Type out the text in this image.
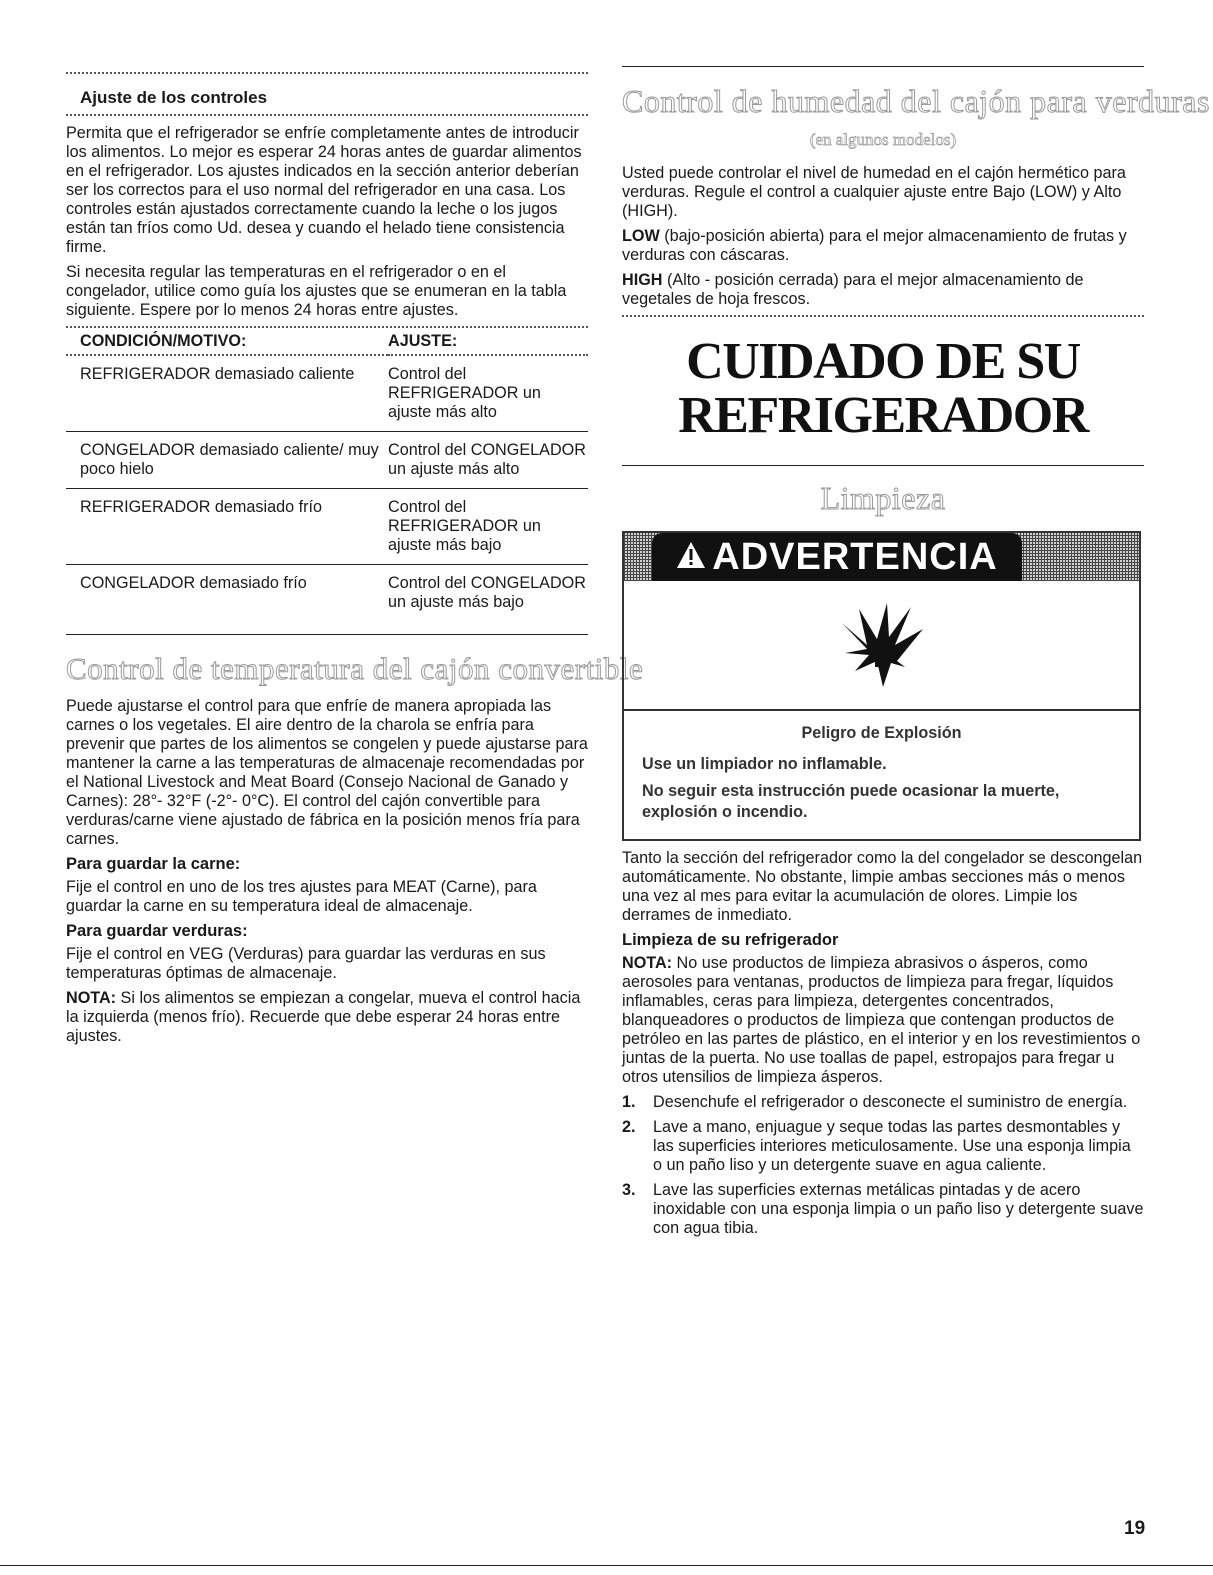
Ajuste de los controles

Permita que el refrigerador se enfríe completamente antes de introducir los alimentos. Lo mejor es esperar 24 horas antes de guardar alimentos en el refrigerador. Los ajustes indicados en la sección anterior deberían ser los correctos para el uso normal del refrigerador en una casa. Los controles están ajustados correctamente cuando la leche o los jugos están tan fríos como Ud. desea y cuando el helado tiene consistencia firme.

Si necesita regular las temperaturas en el refrigerador o en el congelador, utilice como guía los ajustes que se enumeran en la tabla siguiente. Espere por lo menos 24 horas entre ajustes.

CONDICIÓN/MOTIVO:	AJUSTE:

REFRIGERADOR demasiado caliente	Control del REFRIGERADOR un ajuste más alto
CONGELADOR demasiado caliente/ muy poco hielo	Control del CONGELADOR un ajuste más alto
REFRIGERADOR demasiado frío	Control del REFRIGERADOR un ajuste más bajo
CONGELADOR demasiado frío	Control del CONGELADOR un ajuste más bajo
Control de temperatura del cajón convertible

Puede ajustarse el control para que enfríe de manera apropiada las carnes o los vegetales. El aire dentro de la charola se enfría para prevenir que partes de los alimentos se congelen y puede ajustarse para mantener la carne a las temperaturas de almacenaje recomendadas por el National Livestock and Meat Board (Consejo Nacional de Ganado y Carnes): 28°- 32°F (-2°- 0°C). El control del cajón convertible para verduras/carne viene ajustado de fábrica en la posición menos fría para carnes.

Para guardar la carne:

Fije el control en uno de los tres ajustes para MEAT (Carne), para guardar la carne en su temperatura ideal de almacenaje.

Para guardar verduras:

Fije el control en VEG (Verduras) para guardar las verduras en sus temperaturas óptimas de almacenaje.

NOTA: Si los alimentos se empiezan a congelar, mueva el control hacia la izquierda (menos frío). Recuerde que debe esperar 24 horas entre ajustes.

Control de humedad del cajón para verduras
(en algunos modelos)

Usted puede controlar el nivel de humedad en el cajón hermético para verduras. Regule el control a cualquier ajuste entre Bajo (LOW) y Alto (HIGH).

LOW (bajo-posición abierta) para el mejor almacenamiento de frutas y verduras con cáscaras.

HIGH (Alto - posición cerrada) para el mejor almacenamiento de vegetales de hoja frescos.

CUIDADO DE SU
REFRIGERADOR
Limpieza
ADVERTENCIA
Peligro de Explosión

Use un limpiador no inflamable.

No seguir esta instrucción puede ocasionar la muerte, explosión o incendio.

Tanto la sección del refrigerador como la del congelador se descongelan automáticamente. No obstante, limpie ambas secciones más o menos una vez al mes para evitar la acumulación de olores. Limpie los derrames de inmediato.

Limpieza de su refrigerador

NOTA: No use productos de limpieza abrasivos o ásperos, como aerosoles para ventanas, productos de limpieza para fregar, líquidos inflamables, ceras para limpieza, detergentes concentrados, blanqueadores o productos de limpieza que contengan productos de petróleo en las partes de plástico, en el interior y en los revestimientos o juntas de la puerta. No use toallas de papel, estropajos para fregar u otros utensilios de limpieza ásperos.

1.	Desenchufe el refrigerador o desconecte el suministro de energía.
2.	Lave a mano, enjuague y seque todas las partes desmontables y las superficies interiores meticulosamente. Use una esponja limpia o un paño liso y un detergente suave en agua caliente.
3.	Lave las superficies externas metálicas pintadas y de acero inoxidable con una esponja limpia o un paño liso y detergente suave con agua tibia.
19
